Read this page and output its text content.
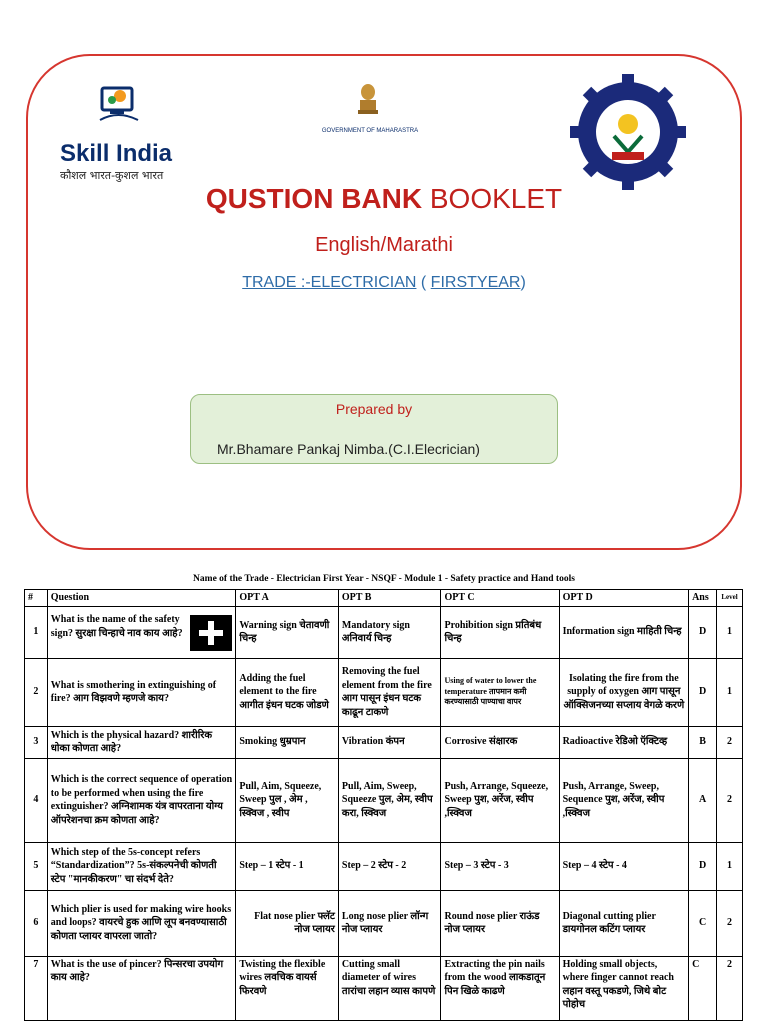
Skill India
कौशल भारत-कुशल भारत
GOVERNMENT OF MAHARASTRA
QUSTION BANK BOOKLET
English/Marathi
TRADE :-ELECTRICIAN ( FIRSTYEAR)
Prepared by
Mr.Bhamare Pankaj Nimba.(C.I.Elecrician)
Name of the Trade - Electrician First Year - NSQF - Module 1 - Safety practice and Hand tools
#	Question	OPT A	OPT B	OPT C	OPT D	Ans	Level
1	What is the name of the safety sign? सुरक्षा चिन्हाचे नाव काय आहे?	Warning sign चेतावणी चिन्ह	Mandatory sign अनिवार्य चिन्ह	Prohibition sign प्रतिबंध चिन्ह	Information sign माहिती चिन्ह	D	1
2	What is smothering in extinguishing of fire? आग विझवणे म्हणजे काय?	Adding the fuel element to the fire आगीत इंधन घटक जोडणे	Removing the fuel element from the fire आग पासून इंधन घटक काढून टाकणे	Using of water to lower the temperature तापमान कमी करण्यासाठी पाण्याचा वापर	Isolating the fire from the supply of oxygen आग पासून ऑक्सिजनच्या सप्लाय वेगळे करणे	D	1
3	Which is the physical hazard? शारीरिक धोका कोणता आहे?	Smoking धुम्रपान	Vibration कंपन	Corrosive संक्षारक	Radioactive रेडिओ ऍक्टिव्ह	B	2
4	Which is the correct sequence of operation to be performed when using the fire extinguisher? अग्निशामक यंत्र वापरताना योग्य ऑपरेशनचा क्रम कोणता आहे?	Pull, Aim, Squeeze, Sweep पुल , अेम , स्क्विज , स्वीप	Pull, Aim, Sweep, Squeeze पुल, अेम, स्वीप करा, स्क्विज	Push, Arrange, Squeeze, Sweep पुश, अरेंज, स्वीप ,स्क्विज	Push, Arrange, Sweep, Sequence पुश, अरेंज, स्वीप ,स्क्विज	A	2
5	Which step of the 5s-concept refers “Standardization”? 5s-संकल्पनेची कोणती स्टेप "मानकीकरण" चा संदर्भ देते?	Step – 1 स्टेप - 1	Step – 2 स्टेप - 2	Step – 3 स्टेप - 3	Step – 4 स्टेप - 4	D	1
6	Which plier is used for making wire hooks and loops? वायरचे हुक आणि लूप बनवण्यासाठी कोणता प्लायर वापरला जातो?	Flat nose plier फ्लॅट नोज प्लायर	Long nose plier लॉन्ग नोज प्लायर	Round nose plier राऊंड नोज प्लायर	Diagonal cutting plier डायगोनल कटिंग प्लायर	C	2
7	What is the use of pincer? पिन्सरचा उपयोग काय आहे?	Twisting the flexible wires लवचिक वायर्स फिरवणे	Cutting small diameter of wires तारांचा लहान व्यास कापणे	Extracting the pin nails from the wood लाकडातून पिन खिळे काढणे	Holding small objects, where finger cannot reach लहान वस्तू पकडणे, जिथे बोट पोहोच	C	2
